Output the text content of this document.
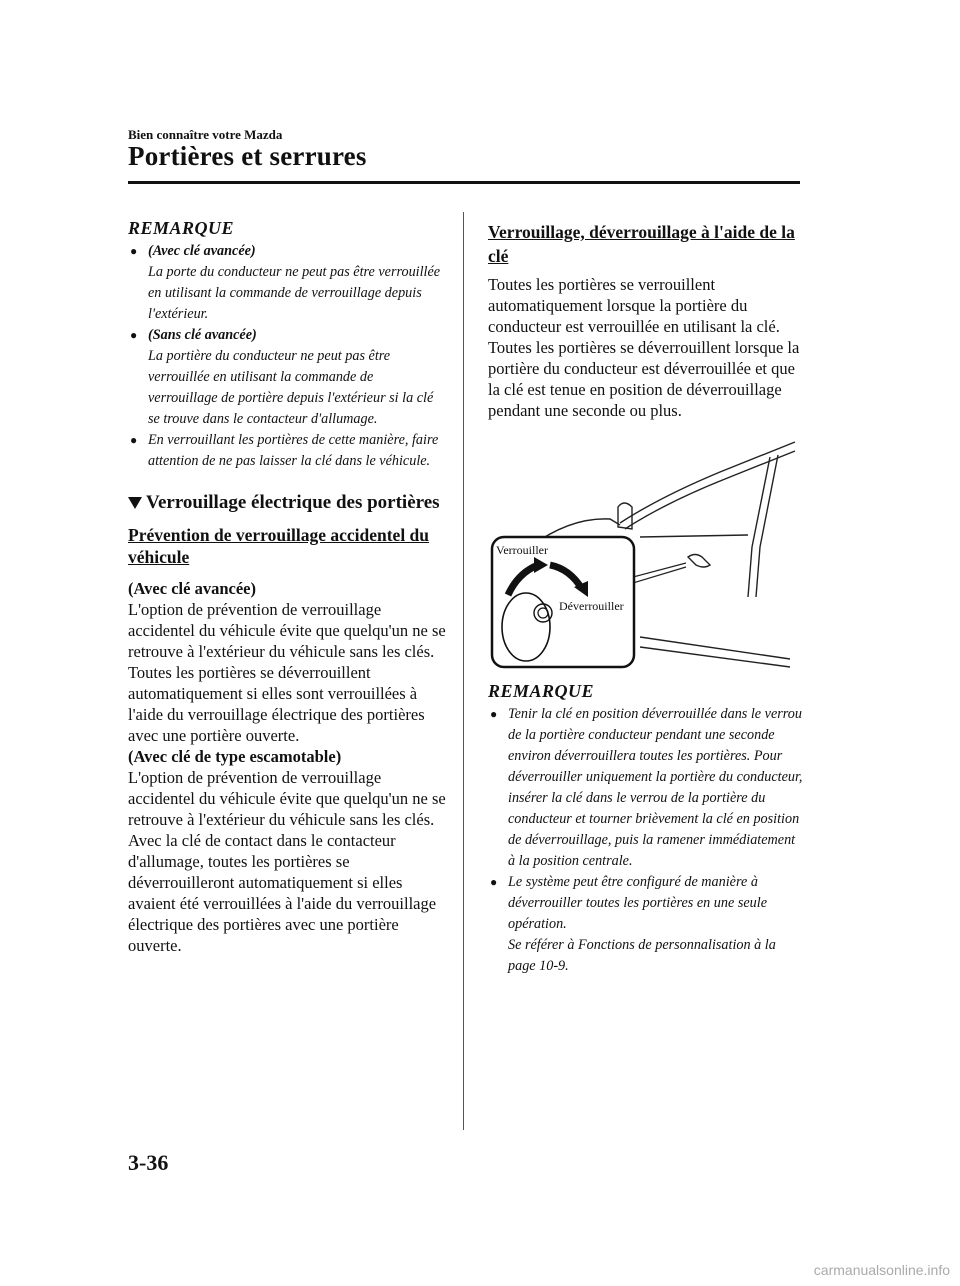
Bien connaître votre Mazda
Portières et serrures
REMARQUE
● (Avec clé avancée)
La porte du conducteur ne peut pas être verrouillée en utilisant la commande de verrouillage depuis l'extérieur.
● (Sans clé avancée)
La portière du conducteur ne peut pas être verrouillée en utilisant la commande de verrouillage de portière depuis l'extérieur si la clé se trouve dans le contacteur d'allumage.
● En verrouillant les portières de cette manière, faire attention de ne pas laisser la clé dans le véhicule.
Verrouillage électrique des portières
Prévention de verrouillage accidentel du véhicule
(Avec clé avancée)

L'option de prévention de verrouillage accidentel du véhicule évite que quelqu'un ne se retrouve à l'extérieur du véhicule sans les clés. Toutes les portières se déverrouillent automatiquement si elles sont verrouillées à l'aide du verrouillage électrique des portières avec une portière ouverte.

(Avec clé de type escamotable)

L'option de prévention de verrouillage accidentel du véhicule évite que quelqu'un ne se retrouve à l'extérieur du véhicule sans les clés. Avec la clé de contact dans le contacteur d'allumage, toutes les portières se déverrouilleront automatiquement si elles avaient été verrouillées à l'aide du verrouillage électrique des portières avec une portière ouverte.

Verrouillage, déverrouillage à l'aide de la clé

Toutes les portières se verrouillent automatiquement lorsque la portière du conducteur est verrouillée en utilisant la clé. Toutes les portières se déverrouillent lorsque la portière du conducteur est déverrouillée et que la clé est tenue en position de déverrouillage pendant une seconde ou plus.

Verrouiller
Déverrouiller
REMARQUE
● Tenir la clé en position déverrouillée dans le verrou de la portière conducteur pendant une seconde environ déverrouillera toutes les portières. Pour déverrouiller uniquement la portière du conducteur, insérer la clé dans le verrou de la portière du conducteur et tourner brièvement la clé en position de déverrouillage, puis la ramener immédiatement à la position centrale.
● Le système peut être configuré de manière à déverrouiller toutes les portières en une seule opération.
Se référer à Fonctions de personnalisation à la page 10-9.
3-36
carmanualsonline.info
